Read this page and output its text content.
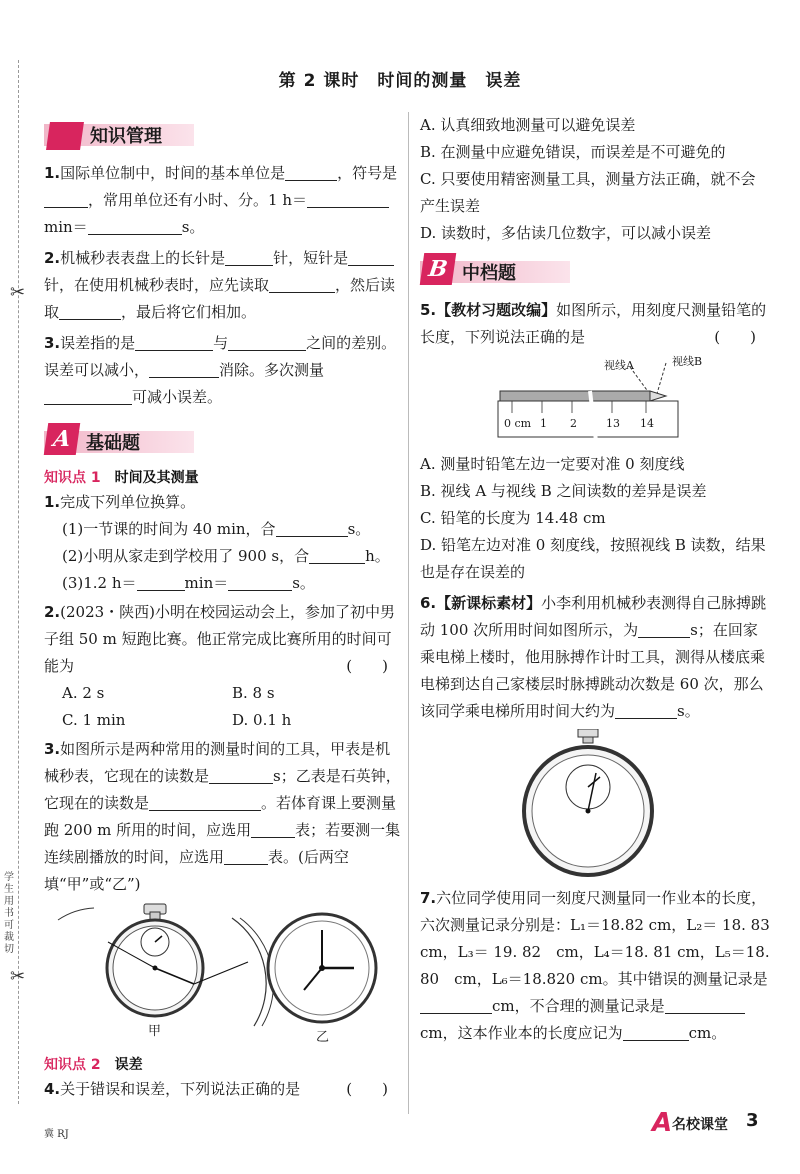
第 2 课时　时间的测量　误差
✂
✂
学生用书可裁切
知识管理

1.国际单位制中，时间的基本单位是	，符号是，常用单位还有小时、分。1 h＝min＝	s。

2.机械秒表表盘上的长针是	针，短针是针，在使用机械秒表时，应先读取	，然后读取	，最后将它们相加。

3.误差指的是	与	之间的差别。误差可以减小，	消除。多次测量可减小误差。

A 基础题
知识点 1 时间及其测量

1.完成下列单位换算。

(1)一节课的时间为 40 min，合	s。

(2)小明从家走到学校用了 900 s，合	h。

(3)1.2 h＝	min＝	s。

2.(2023・陕西)小明在校园运动会上，参加了初中男子组 50 m 短跑比赛。他正常完成比赛所用的时间可能为	(　　)

A. 2 s	B. 8 s
C. 1 min	D. 0.1 h

3.如图所示是两种常用的测量时间的工具，甲表是机械秒表，它现在的读数是	s；乙表是石英钟，它现在的读数是	。若体育课上要测量跑 200 m 所用的时间，应选用	表；若要测一集连续剧播放的时间，应选用	表。(后两空填“甲”或“乙”)

甲	乙
知识点 2 误差

4.关于错误和误差，下列说法正确的是	(　　)

A. 认真细致地测量可以避免误差

B. 在测量中应避免错误，而误差是不可避免的

C. 只要使用精密测量工具，测量方法正确，就不会产生误差

D. 读数时，多估读几位数字，可以减小误差

B 中档题

5.【教材习题改编】如图所示，用刻度尺测量铅笔的长度，下列说法正确的是	(　　)

视线A	视线B
0 cm 1 2	13 14

A. 测量时铅笔左边一定要对准 0 刻度线

B. 视线 A 与视线 B 之间读数的差异是误差

C. 铅笔的长度为 14.48 cm

D. 铅笔左边对准 0 刻度线，按照视线 B 读数，结果也是存在误差的

6.【新课标素材】小李利用机械秒表测得自己脉搏跳动 100 次所用时间如图所示，为	s；在回家乘电梯上楼时，他用脉搏作计时工具，测得从楼底乘电梯到达自己家楼层时脉搏跳动次数是 60 次，那么该同学乘电梯所用时间大约为	s。

7.六位同学使用同一刻度尺测量同一作业本的长度，六次测量记录分别是：L₁＝18.82 cm，L₂＝ 18. 83　cm，L₃＝ 19. 82　cm，L₄＝18. 81 cm，L₅＝18. 80　cm，L₆＝18.820 cm。其中错误的测量记录是cm，不合理的测量记录是cm，这本作业本的长度应记为	cm。

冀 RJ	A 名校课堂 3
